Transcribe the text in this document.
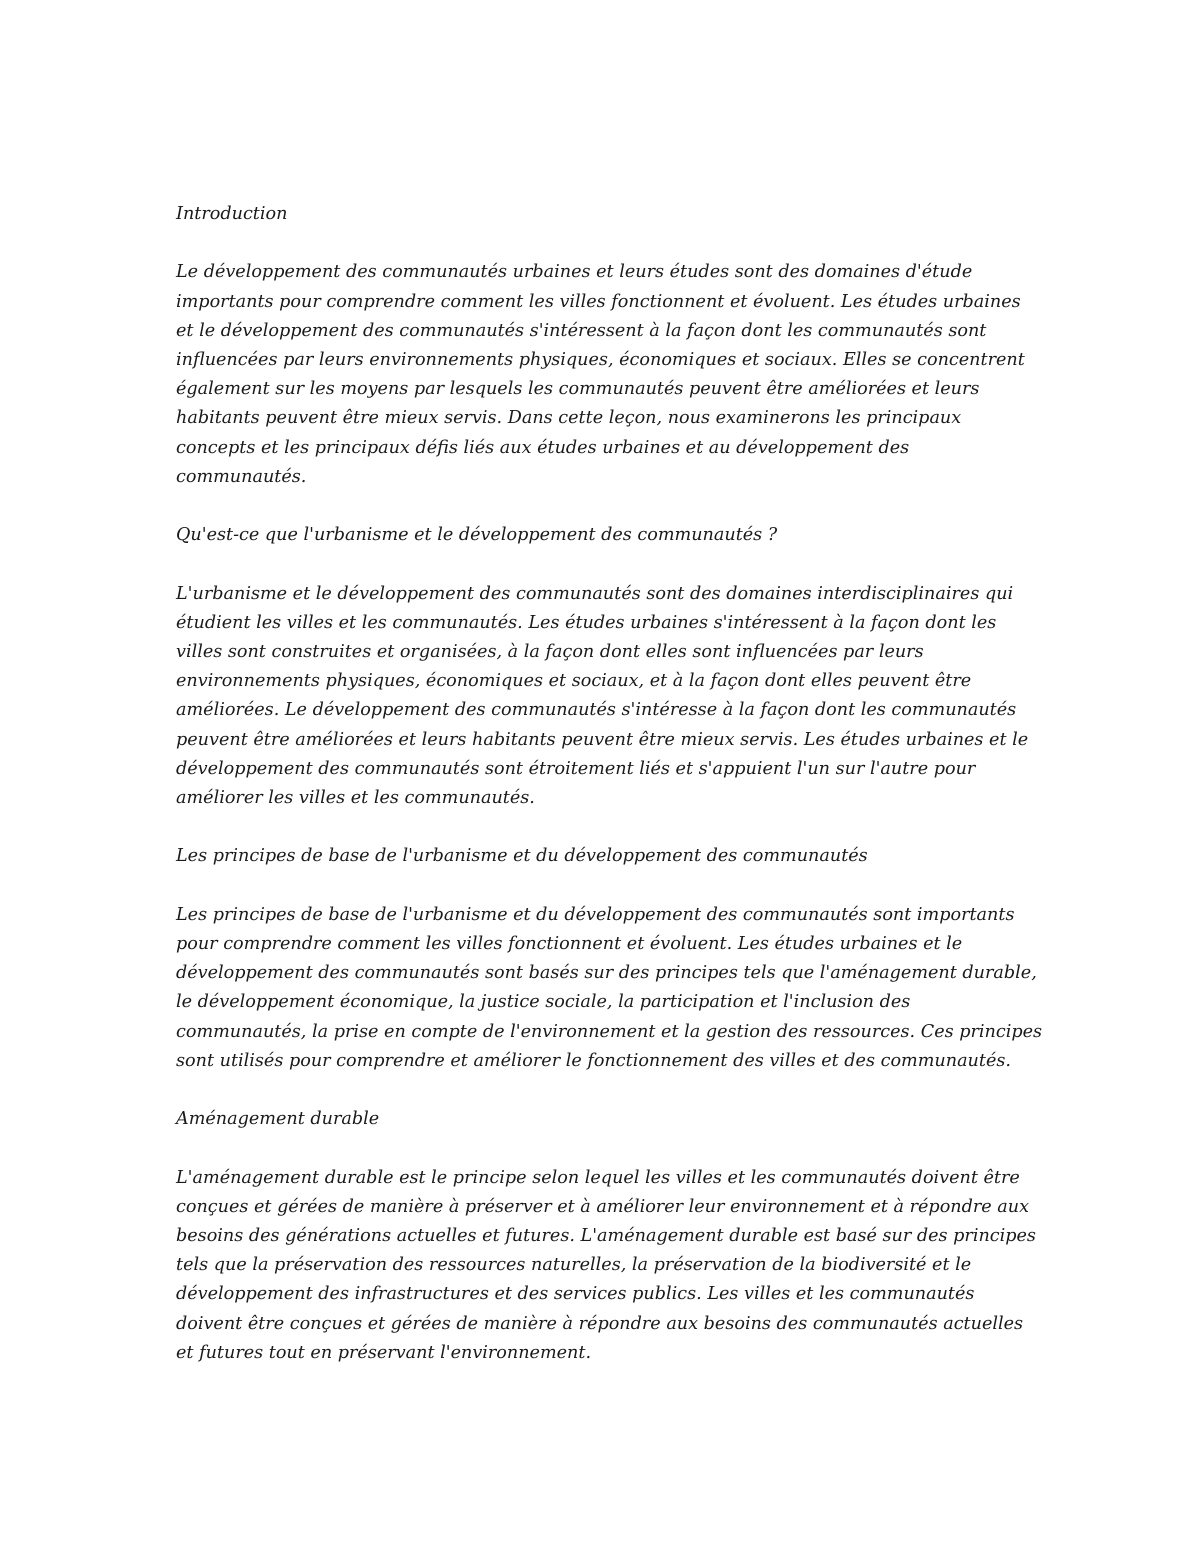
Introduction

Le développement des communautés urbaines et leurs études sont des domaines d'étude
importants pour comprendre comment les villes fonctionnent et évoluent. Les études urbaines
et le développement des communautés s'intéressent à la façon dont les communautés sont
influencées par leurs environnements physiques, économiques et sociaux. Elles se concentrent
également sur les moyens par lesquels les communautés peuvent être améliorées et leurs
habitants peuvent être mieux servis. Dans cette leçon, nous examinerons les principaux
concepts et les principaux défis liés aux études urbaines et au développement des
communautés.

Qu'est-ce que l'urbanisme et le développement des communautés ?

L'urbanisme et le développement des communautés sont des domaines interdisciplinaires qui
étudient les villes et les communautés. Les études urbaines s'intéressent à la façon dont les
villes sont construites et organisées, à la façon dont elles sont influencées par leurs
environnements physiques, économiques et sociaux, et à la façon dont elles peuvent être
améliorées. Le développement des communautés s'intéresse à la façon dont les communautés
peuvent être améliorées et leurs habitants peuvent être mieux servis. Les études urbaines et le
développement des communautés sont étroitement liés et s'appuient l'un sur l'autre pour
améliorer les villes et les communautés.

Les principes de base de l'urbanisme et du développement des communautés

Les principes de base de l'urbanisme et du développement des communautés sont importants
pour comprendre comment les villes fonctionnent et évoluent. Les études urbaines et le
développement des communautés sont basés sur des principes tels que l'aménagement durable,
le développement économique, la justice sociale, la participation et l'inclusion des
communautés, la prise en compte de l'environnement et la gestion des ressources. Ces principes
sont utilisés pour comprendre et améliorer le fonctionnement des villes et des communautés.

Aménagement durable

L'aménagement durable est le principe selon lequel les villes et les communautés doivent être
conçues et gérées de manière à préserver et à améliorer leur environnement et à répondre aux
besoins des générations actuelles et futures. L'aménagement durable est basé sur des principes
tels que la préservation des ressources naturelles, la préservation de la biodiversité et le
développement des infrastructures et des services publics. Les villes et les communautés
doivent être conçues et gérées de manière à répondre aux besoins des communautés actuelles
et futures tout en préservant l'environnement.
